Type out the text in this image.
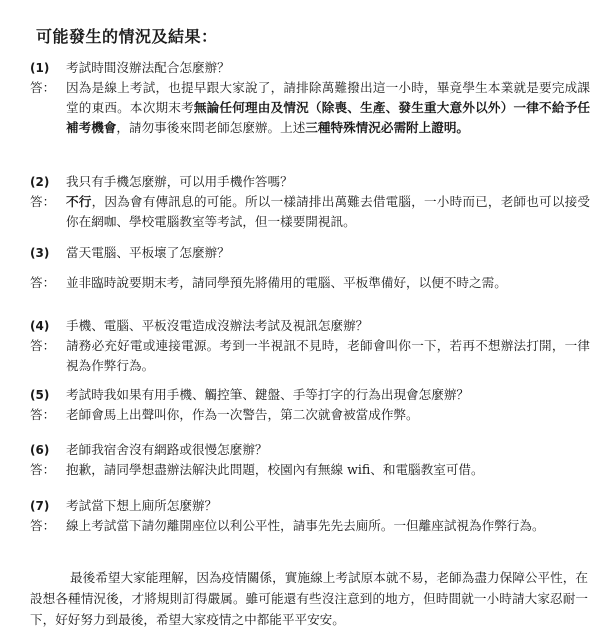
可能發生的情況及結果：
(1)	考試時間沒辦法配合怎麼辦？
答： 因為是線上考試，也提早跟大家說了，請排除萬難撥出這一小時，畢竟學生本業就是要完成課堂的東西。本次期末考無論任何理由及情況（除喪、生產、發生重大意外以外）一律不給予任補考機會，請勿事後來問老師怎麼辦。上述三種特殊情況必需附上證明。
(2)	我只有手機怎麼辦，可以用手機作答嗎？
答： 不行，因為會有傳訊息的可能。所以一樣請排出萬難去借電腦，一小時而已，老師也可以接受你在網咖、學校電腦教室等考試，但一樣要開視訊。
(3)	當天電腦、平板壞了怎麼辦？
答： 並非臨時說要期末考，請同學預先將備用的電腦、平板準備好，以便不時之需。
(4)	手機、電腦、平板沒電造成沒辦法考試及視訊怎麼辦？
答： 請務必充好電或連接電源。考到一半視訊不見時，老師會叫你一下，若再不想辦法打開，一律視為作弊行為。
(5)	考試時我如果有用手機、觸控筆、鍵盤、手等打字的行為出現會怎麼辦？
答： 老師會馬上出聲叫你，作為一次警告，第二次就會被當成作弊。
(6)	老師我宿舍沒有網路或很慢怎麼辦？
答： 抱歉，請同學想盡辦法解決此問題，校園內有無線 wifi、和電腦教室可借。
(7)	考試當下想上廁所怎麼辦？
答： 線上考試當下請勿離開座位以利公平性，請事先先去廁所。一但離座試視為作弊行為。
最後希望大家能理解，因為疫情關係，實施線上考試原本就不易，老師為盡力保障公平性，在設想各種情況後，才將規則訂得嚴属。雖可能還有些沒注意到的地方，但時間就一小時請大家忍耐一下，好好努力到最後，希望大家疫情之中都能平平安安。
